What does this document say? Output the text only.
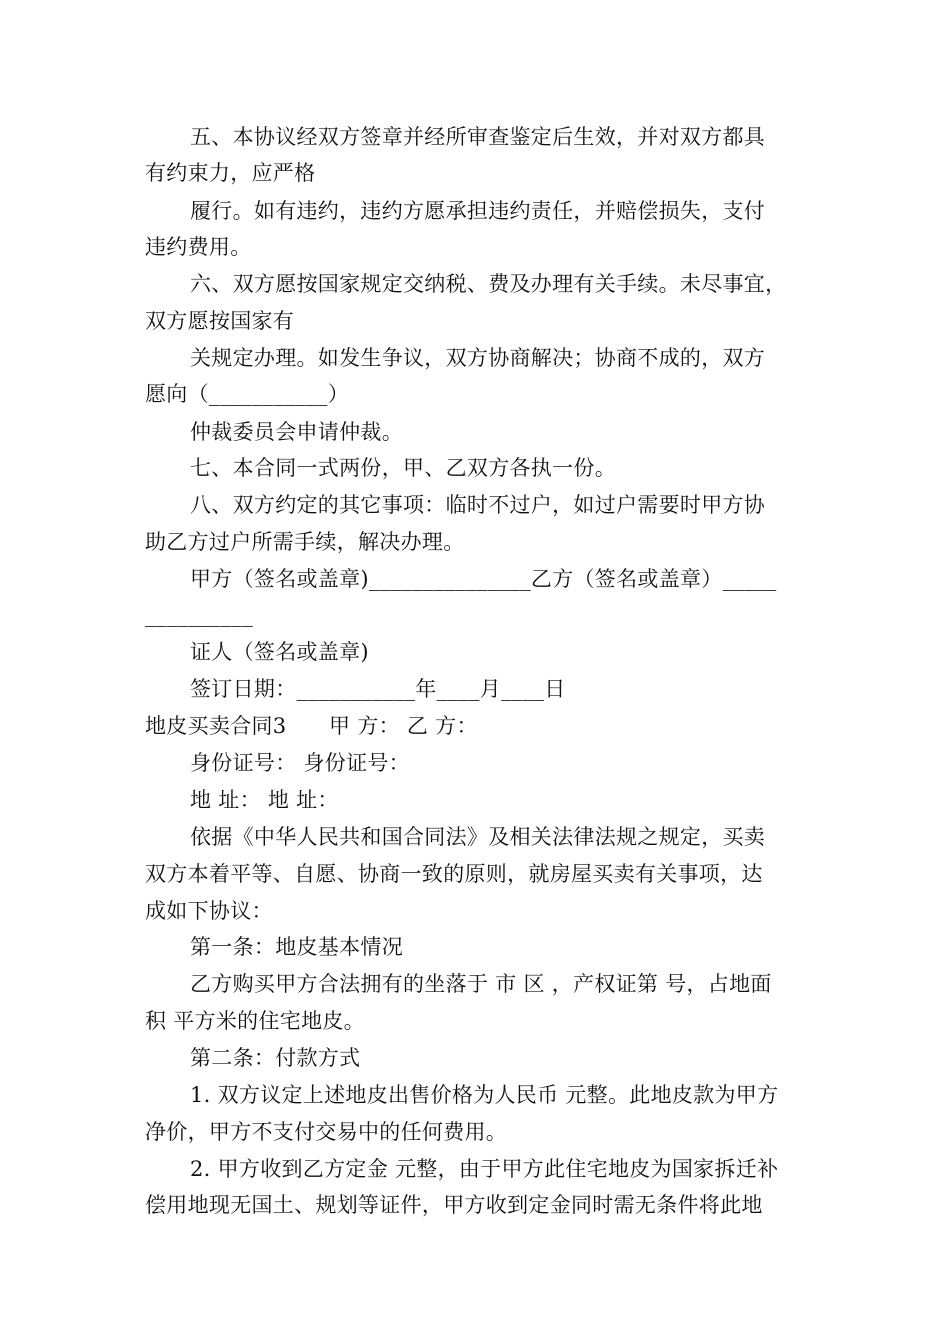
五、本协议经双方签章并经所审查鉴定后生效，并对双方都具
有约束力，应严格
履行。如有违约，违约方愿承担违约责任，并赔偿损失，支付
违约费用。
六、双方愿按国家规定交纳税、费及办理有关手续。未尽事宜，
双方愿按国家有
关规定办理。如发生争议，双方协商解决；协商不成的，双方
愿向（___________）
仲裁委员会申请仲裁。
七、本合同一式两份，甲、乙双方各执一份。
八、双方约定的其它事项：临时不过户，如过户需要时甲方协
助乙方过户所需手续，解决办理。
甲方（签名或盖章)_______________乙方（签名或盖章）_____
__________
证人（签名或盖章)
签订日期：___________年____月____日
地皮买卖合同3　　甲 方： 乙 方：
身份证号： 身份证号：
地 址： 地 址：
依据《中华人民共和国合同法》及相关法律法规之规定，买卖
双方本着平等、自愿、协商一致的原则，就房屋买卖有关事项，达
成如下协议：
第一条：地皮基本情况
乙方购买甲方合法拥有的坐落于 市 区 ，产权证第 号，占地面
积 平方米的住宅地皮。
第二条：付款方式
1. 双方议定上述地皮出售价格为人民币 元整。此地皮款为甲方
净价，甲方不支付交易中的任何费用。
2. 甲方收到乙方定金 元整，由于甲方此住宅地皮为国家拆迁补
偿用地现无国土、规划等证件，甲方收到定金同时需无条件将此地
